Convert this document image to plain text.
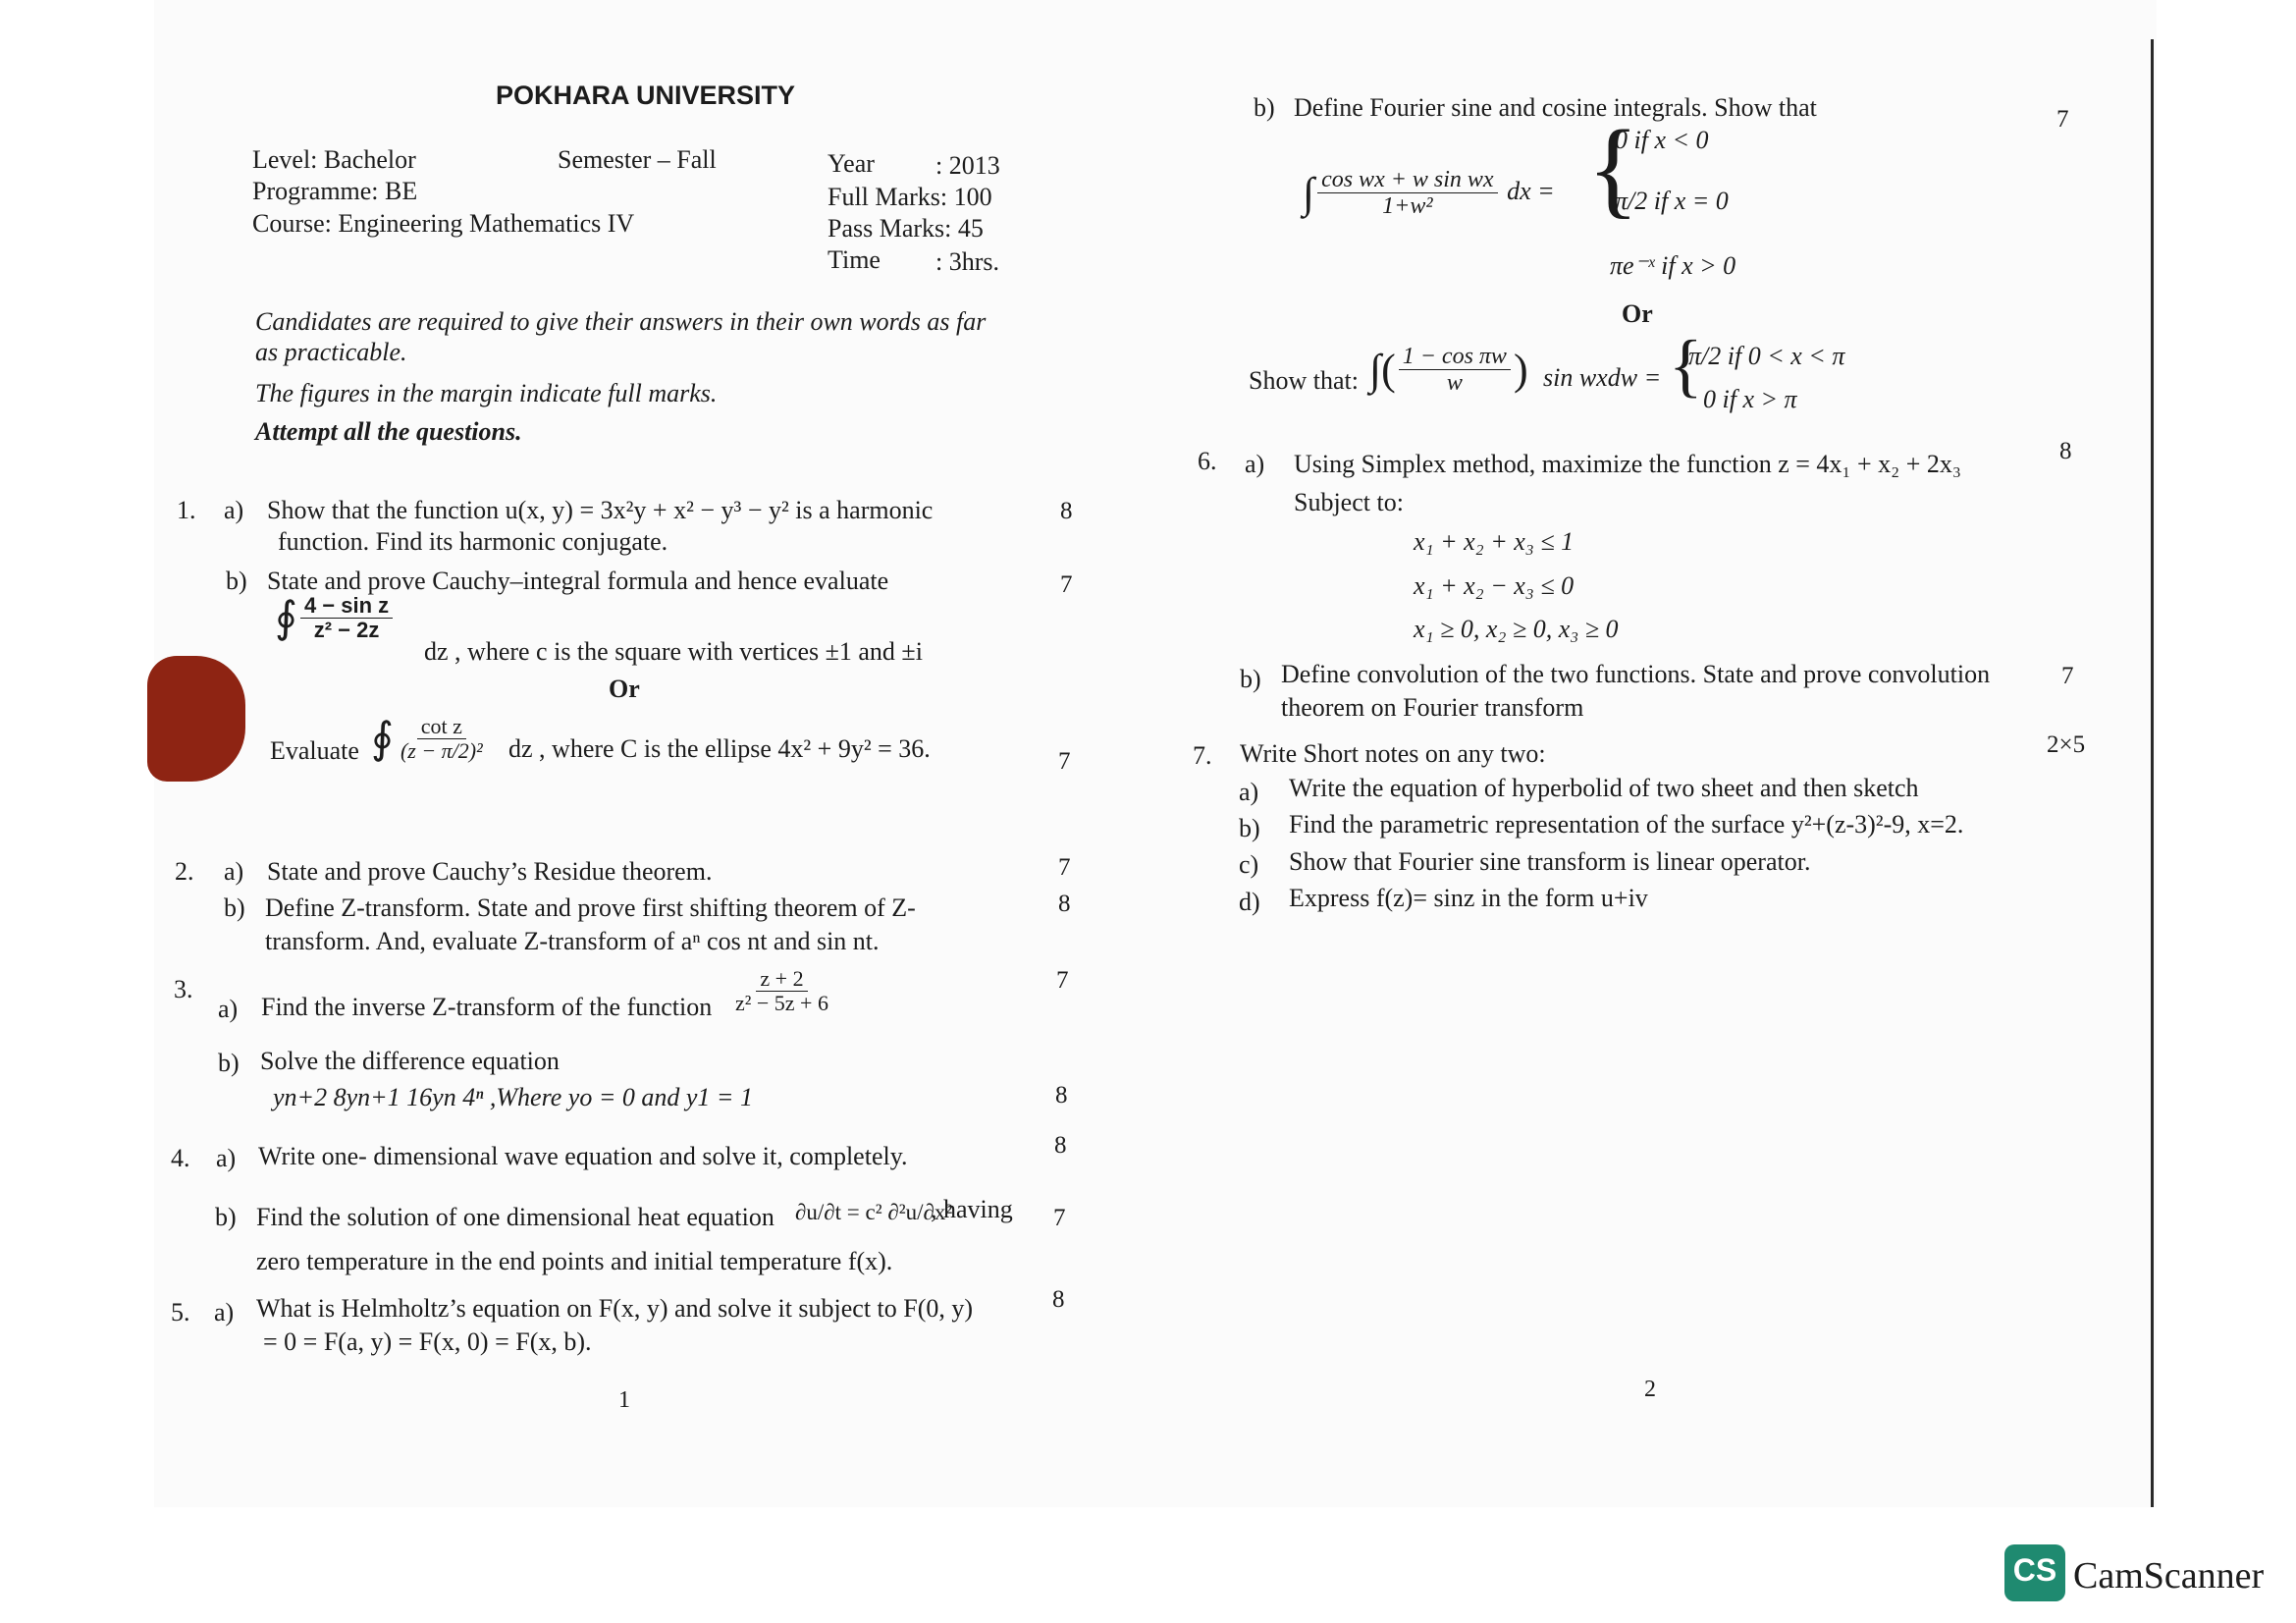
POKHARA UNIVERSITY
Level: Bachelor	Semester – Fall
Programme: BE
Course: Engineering Mathematics IV
Year : 2013
Full Marks: 100
Pass Marks: 45
Time : 3hrs.
Candidates are required to give their answers in their own words as far
as practicable.
The figures in the margin indicate full marks.
Attempt all the questions.
1. a) Show that the function u(x, y) = 3x²y + x² − y³ − y² is a harmonic
function. Find its harmonic conjugate.
8
b) State and prove Cauchy–integral formula and hence evaluate	7
∮ $\frac{\text{4 − sin z}}{\text{z² − 2z}}$
dz , where c is the square with vertices ±1 and ±i
Or
Evaluate ∮ $\frac{\text{cot z}}{\text{(z − π/2)²}}$ dz , where C is the ellipse 4x² + 9y² = 36.	7
2. a) State and prove Cauchy’s Residue theorem.	7
b) Define Z-transform. State and prove first shifting theorem of Z-
transform. And, evaluate Z-transform of aⁿ cos nt and sin nt.
8
3.
a) Find the inverse Z-transform of the function $\frac{z + 2}{\text{z² − 5z + 6}}$	7
b) Solve the difference equation
yn+2 8yn+1 16yn 4ⁿ ,Where yo = 0 and y1 = 1	8
4. a) Write one- dimensional wave equation and solve it, completely.	8
b) Find the solution of one dimensional heat equation ∂u/∂t = c² ∂²u/∂x²
, having
zero temperature in the end points and initial temperature f(x).
7
5. a) What is Helmholtz’s equation on F(x, y) and solve it subject to F(0, y)
= 0 = F(a, y) = F(x, 0) = F(x, b).
8
1
b) Define Fourier sine and cosine integrals. Show that	7
∫ $\frac{\text{cos wx + w sin wx}}{\text{1+w²}}$ dx = {
0 if x < 0
π/2 if x = 0
πe⁻ˣ if x > 0
Or
Show that: ∫( $\frac{\text{1 − cos πw}}{w}$ ) sin wxdw = {
π/2 if 0 < x < π
0 if x > π
6. a) Using Simplex method, maximize the function z = 4x₁ + x₂ + 2x₃	8
Subject to:
x₁ + x₂ + x₃ ≤ 1
x₁ + x₂ − x₃ ≤ 0
x₁ ≥ 0, x₂ ≥ 0, x₃ ≥ 0
b) Define convolution of the two functions. State and prove convolution
theorem on Fourier transform
7
7. Write Short notes on any two:	2×5
a) Write the equation of hyperbolid of two sheet and then sketch
b) Find the parametric representation of the surface y²+(z-3)²-9, x=2.
c) Show that Fourier sine transform is linear operator.
d) Express f(z)= sinz in the form u+iv
2
CS CamScanner
